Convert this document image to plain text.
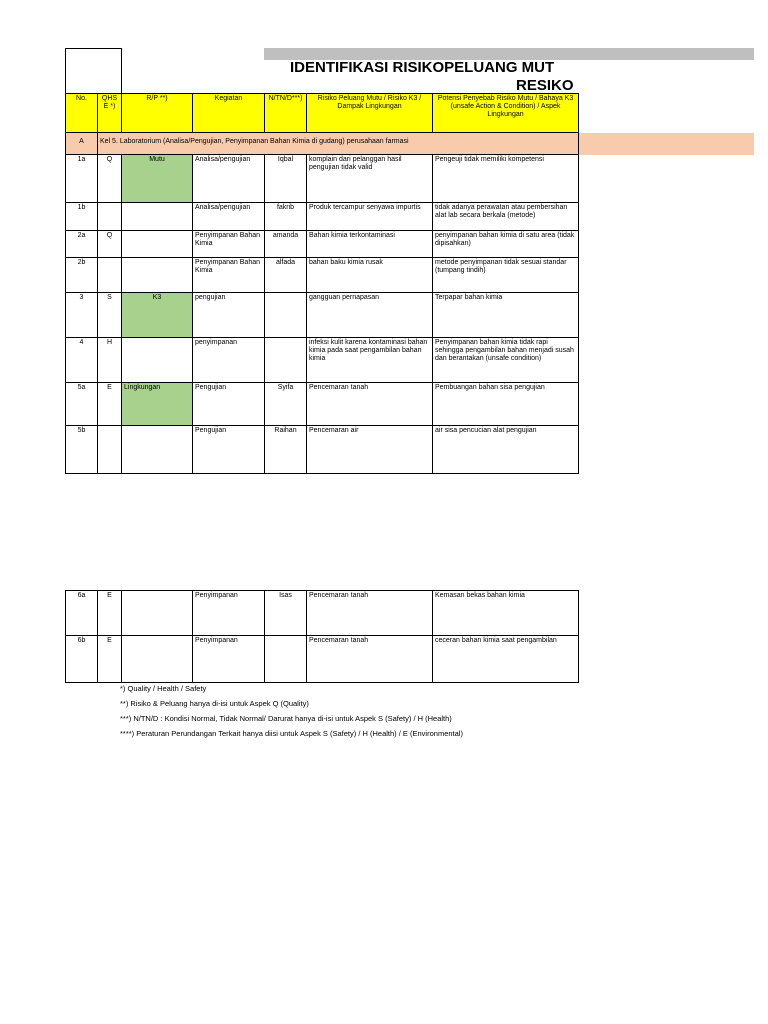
No.	QHS E *)	R/P **)	Kegiatan	N/TN/D***)	Risiko Peluang Mutu / Risiko K3 / Dampak Lingkungan	Potensi Penyebab Risiko Mutu / Bahaya K3 (unsafe Action & Condition) / Aspek Lingkungan
A	Kel 5. Laboratorium (Analisa/Pengujian, Penyimpanan Bahan Kimia di gudang) perusahaan farmasi					
1a	Q	Mutu	Analisa/pengujian	Iqbal	komplain dari pelanggan hasil pengujian tidak valid	Pengeuji tidak memiliki kompetensi
1b			Analisa/pengujian	fakrib	Produk tercampur senyawa impurtis	tidak adanya perawatan atau pembersihan alat lab secara berkala (metode)
2a	Q		Penyimpanan Bahan Kimia	amanda	Bahan kimia terkontaminasi	penyimpanan bahan kimia di satu area (tidak dipisahkan)
2b			Penyimpanan Bahan Kimia	alfada	bahan baku kimia rusak	metode penyimpanan tidak sesuai standar (tumpang tindih)
3	S	K3	pengujian		gangguan pernapasan	Terpapar bahan kimia
4	H		penyimpanan		infeksi kulit karena kontaminasi bahan kimia pada saat pengambilan bahan kimia	Penyimpanan bahan kimia tidak rapi sehingga pengambilan bahan menjadi susah dan berantakan (unsafe condition)
5a	E	Lingkungan	Pengujian	Syifa	Pencemaran tanah	Pembuangan bahan sisa pengujian
5b			Pengujian	Raihan	Pencemaran air	air sisa pencucian alat pengujian
IDENTIFIKASI RISIKOPELUANG MUT
RESIKO
6a	E		Penyimpanan	Isas	Pencemaran tanah	Kemasan bekas bahan kimia
6b	E		Penyimpanan		Pencemaran tanah	ceceran bahan kimia saat pengambilan
*) Quality / Health / Safety
**) Risiko & Peluang hanya di-isi untuk Aspek Q (Quality)
***) N/TN/D : Kondisi Normal, Tidak Normal/ Darurat hanya di-isi untuk Aspek S (Safety) / H (Health)
****) Peraturan Perundangan Terkait hanya diisi untuk Aspek S (Safety) / H (Health) / E (Environmental)
